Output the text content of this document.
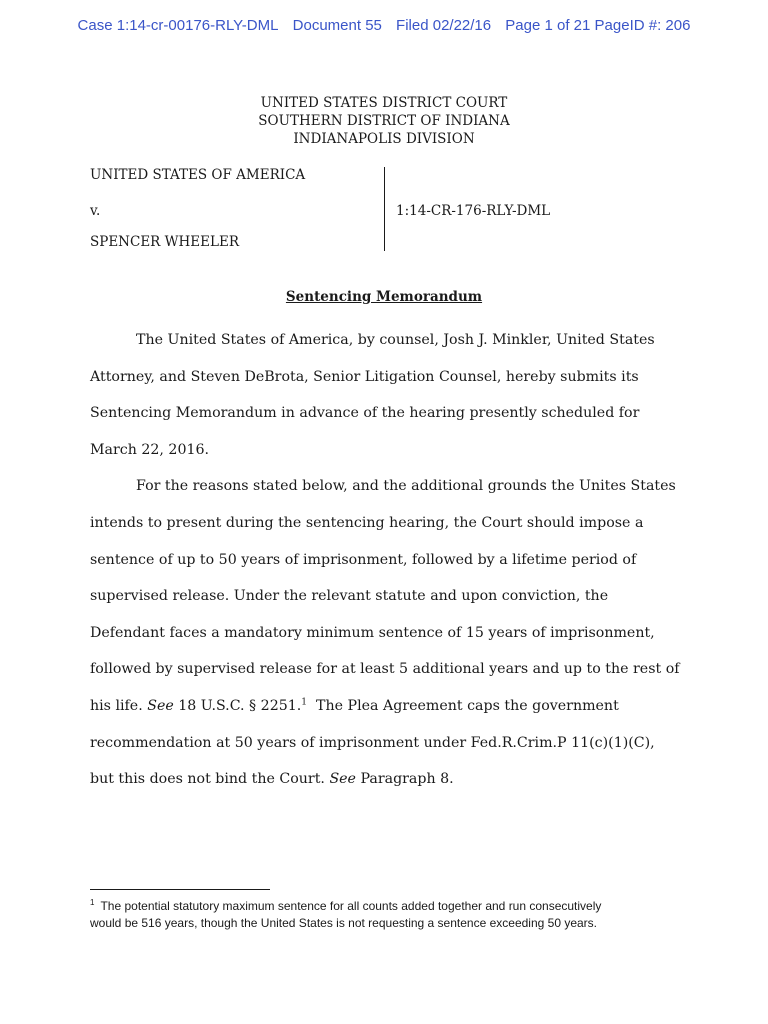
Case 1:14-cr-00176-RLY-DML Document 55 Filed 02/22/16 Page 1 of 21 PageID #: 206
UNITED STATES DISTRICT COURT
SOUTHERN DISTRICT OF INDIANA
INDIANAPOLIS DIVISION
UNITED STATES OF AMERICA
v.
SPENCER WHEELER
1:14-CR-176-RLY-DML
Sentencing Memorandum
The United States of America, by counsel, Josh J. Minkler, United States
Attorney, and Steven DeBrota, Senior Litigation Counsel, hereby submits its
Sentencing Memorandum in advance of the hearing presently scheduled for
March 22, 2016.
For the reasons stated below, and the additional grounds the Unites States
intends to present during the sentencing hearing, the Court should impose a
sentence of up to 50 years of imprisonment, followed by a lifetime period of
supervised release. Under the relevant statute and upon conviction, the
Defendant faces a mandatory minimum sentence of 15 years of imprisonment,
followed by supervised release for at least 5 additional years and up to the rest of
his life. See 18 U.S.C. § 2251.$^1$  The Plea Agreement caps the government
recommendation at 50 years of imprisonment under Fed.R.Crim.P 11(c)(1)(C),
but this does not bind the Court. See Paragraph 8.
$^1$ The potential statutory maximum sentence for all counts added together and run consecutively
would be 516 years, though the United States is not requesting a sentence exceeding 50 years.
